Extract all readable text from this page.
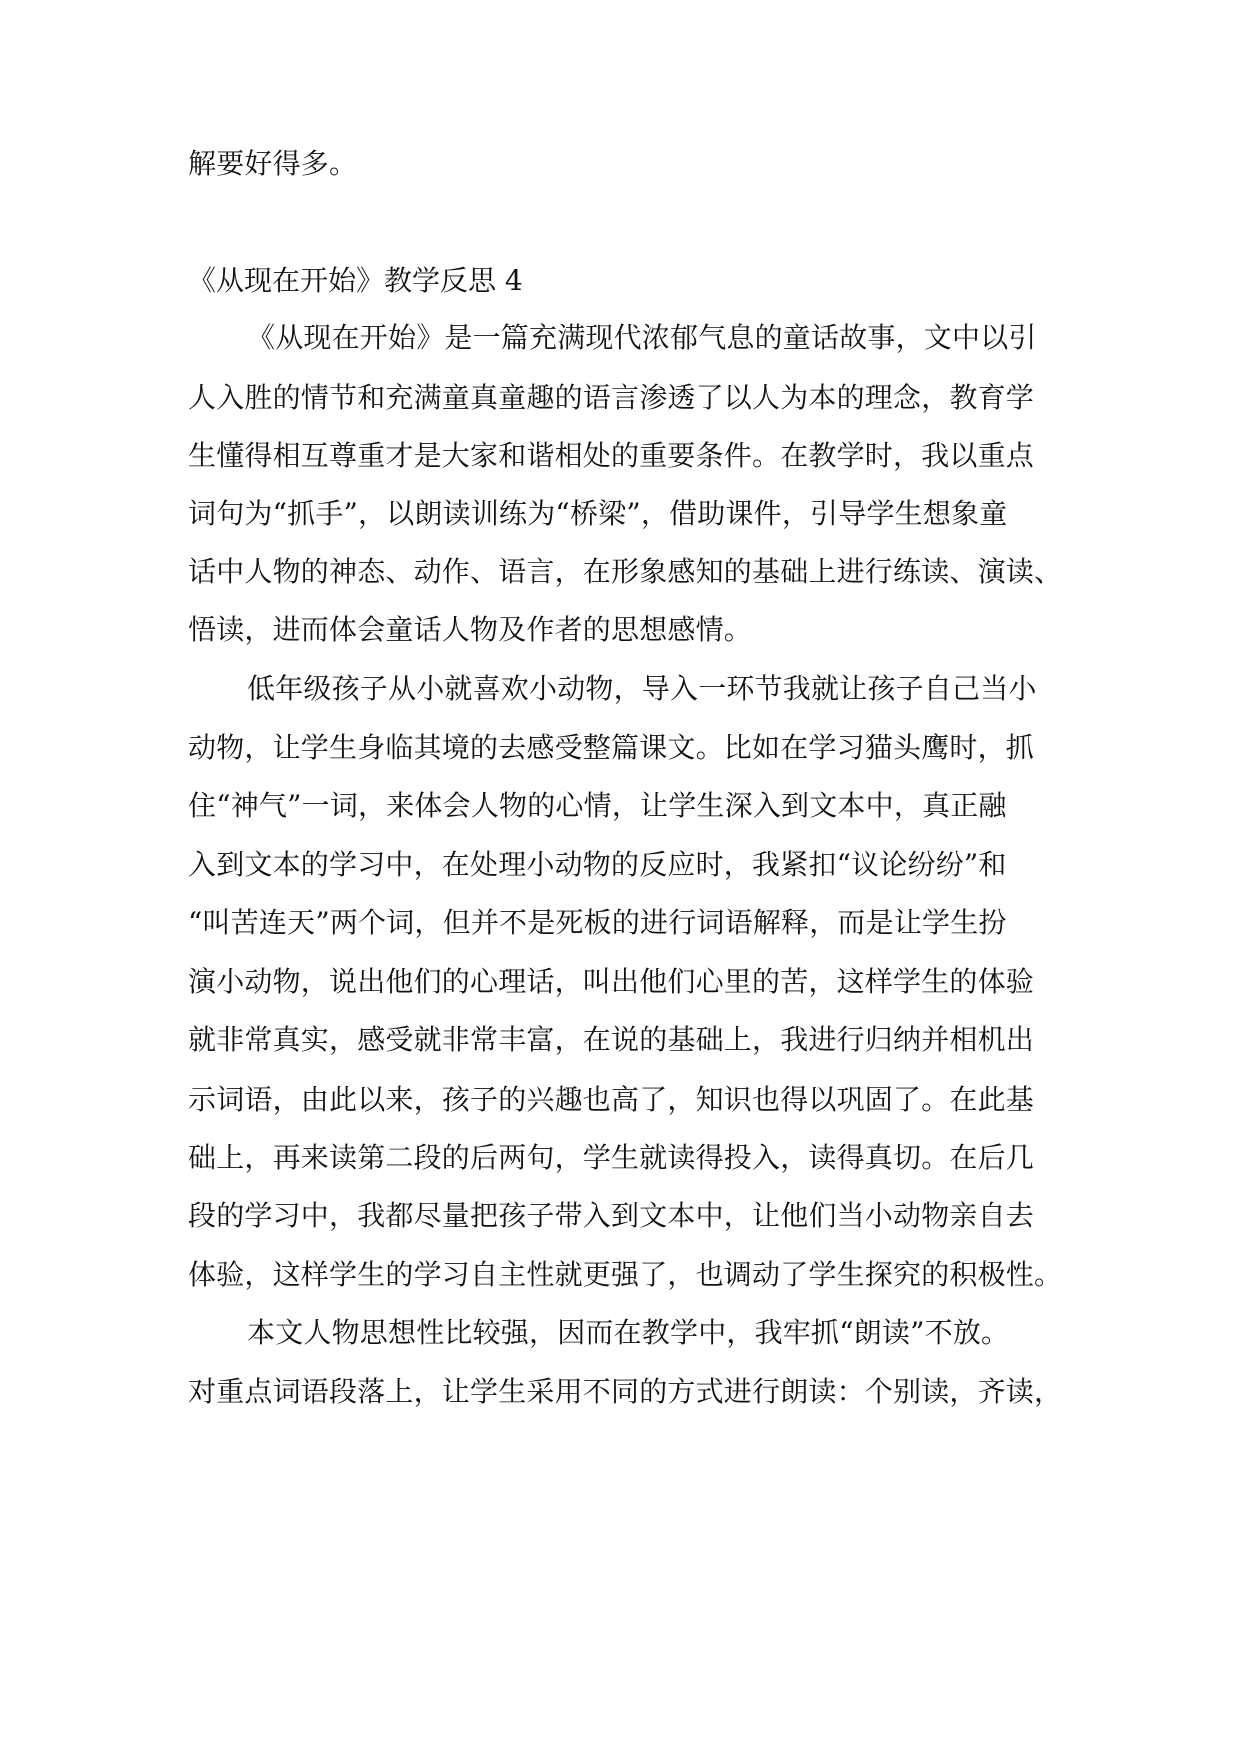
解要好得多。
《从现在开始》教学反思 4
《从现在开始》是一篇充满现代浓郁气息的童话故事，文中以引
人入胜的情节和充满童真童趣的语言渗透了以人为本的理念，教育学
生懂得相互尊重才是大家和谐相处的重要条件。在教学时，我以重点
词句为“抓手”，以朗读训练为“桥梁”，借助课件，引导学生想象童
话中人物的神态、动作、语言，在形象感知的基础上进行练读、演读、
悟读，进而体会童话人物及作者的思想感情。
低年级孩子从小就喜欢小动物，导入一环节我就让孩子自己当小
动物，让学生身临其境的去感受整篇课文。比如在学习猫头鹰时，抓
住“神气”一词，来体会人物的心情，让学生深入到文本中，真正融
入到文本的学习中，在处理小动物的反应时，我紧扣“议论纷纷”和
“叫苦连天”两个词，但并不是死板的进行词语解释，而是让学生扮
演小动物，说出他们的心理话，叫出他们心里的苦，这样学生的体验
就非常真实，感受就非常丰富，在说的基础上，我进行归纳并相机出
示词语，由此以来，孩子的兴趣也高了，知识也得以巩固了。在此基
础上，再来读第二段的后两句，学生就读得投入，读得真切。在后几
段的学习中，我都尽量把孩子带入到文本中，让他们当小动物亲自去
体验，这样学生的学习自主性就更强了，也调动了学生探究的积极性。
本文人物思想性比较强，因而在教学中，我牢抓“朗读”不放。
对重点词语段落上，让学生采用不同的方式进行朗读：个别读，齐读，
